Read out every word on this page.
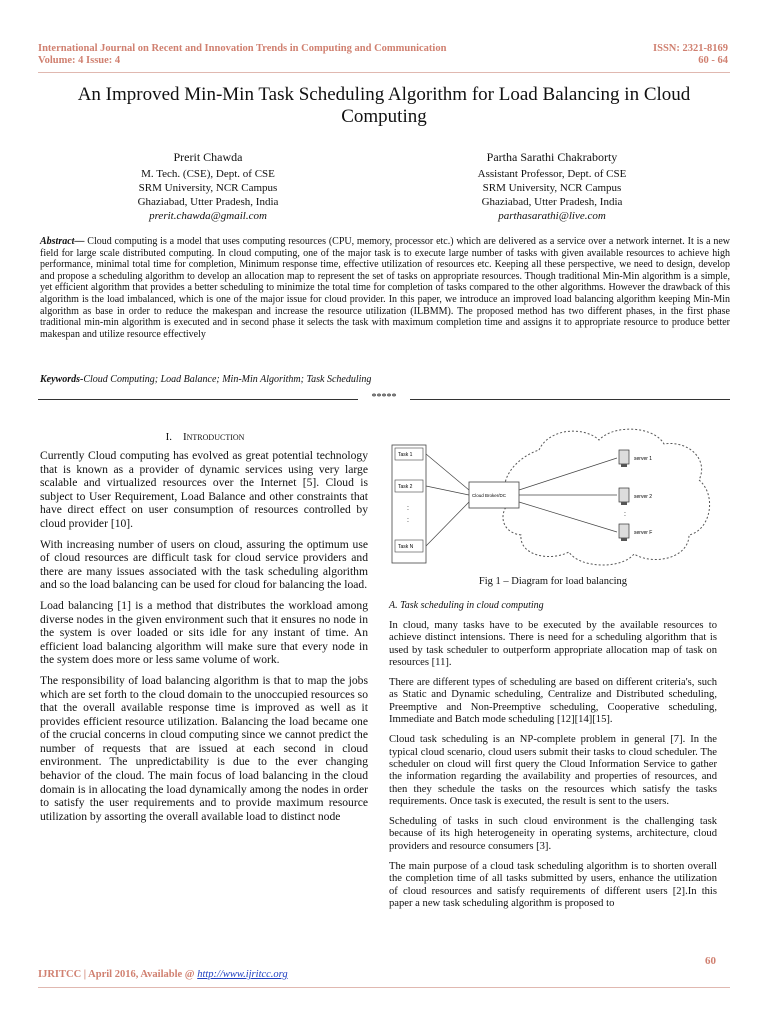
International Journal on Recent and Innovation Trends in Computing and Communication
Volume: 4 Issue: 4
ISSN: 2321-8169
60 - 64
An Improved Min-Min Task Scheduling Algorithm for Load Balancing in Cloud Computing
Prerit Chawda
M. Tech. (CSE), Dept. of CSE
SRM University, NCR Campus
Ghaziabad, Utter Pradesh, India
prerit.chawda@gmail.com
Partha Sarathi Chakraborty
Assistant Professor, Dept. of CSE
SRM University, NCR Campus
Ghaziabad, Utter Pradesh, India
parthasarathi@live.com
Abstract— Cloud computing is a model that uses computing resources (CPU, memory, processor etc.) which are delivered as a service over a network internet. It is a new field for large scale distributed computing. In cloud computing, one of the major task is to execute large number of tasks with given available resources to achieve high performance, minimal total time for completion, Minimum response time, effective utilization of resources etc. Keeping all these perspective, we need to design, develop and propose a scheduling algorithm to develop an allocation map to represent the set of tasks on appropriate resources. Though traditional Min-Min algorithm is a simple, yet efficient algorithm that provides a better scheduling to minimize the total time for completion of tasks compared to the other algorithms. However the drawback of this algorithm is the load imbalanced, which is one of the major issue for cloud provider. In this paper, we introduce an improved load balancing algorithm keeping Min-Min algorithm as base in order to reduce the makespan and increase the resource utilization (ILBMM). The proposed method has two different phases, in the first phase traditional min-min algorithm is executed and in second phase it selects the task with maximum completion time and assigns it to appropriate resource to produce better makespan and utilize resource effectively
Keywords-Cloud Computing; Load Balance; Min-Min Algorithm; Task Scheduling
*****
I. Introduction

Currently Cloud computing has evolved as great potential technology that is known as a provider of dynamic services using very large scalable and virtualized resources over the Internet [5]. Cloud is subject to User Requirement, Load Balance and other constraints that have direct effect on user consumption of resources controlled by cloud provider [10].

With increasing number of users on cloud, assuring the optimum use of cloud resources are difficult task for cloud service providers and there are many issues associated with the task scheduling algorithm and so the load balancing can be used for cloud for balancing the load.

Load balancing [1] is a method that distributes the workload among diverse nodes in the given environment such that it ensures no node in the system is over loaded or sits idle for any instant of time. An efficient load balancing algorithm will make sure that every node in the system does more or less same volume of work.

The responsibility of load balancing algorithm is that to map the jobs which are set forth to the cloud domain to the unoccupied resources so that the overall available response time is improved as well as it provides efficient resource utilization. Balancing the load became one of the crucial concerns in cloud computing since we cannot predict the number of requests that are issued at each second in cloud environment. The unpredictability is due to the ever changing behavior of the cloud. The main focus of load balancing in the cloud domain is in allocating the load dynamically among the nodes in order to satisfy the user requirements and to provide maximum resource utilization by assorting the overall available load to distinct node

Task 1
Task 2
:
:
Task N
Cloud Broker/DC
server 1
server 2
:
server F
Fig 1 – Diagram for load balancing
A. Task scheduling in cloud computing

In cloud, many tasks have to be executed by the available resources to achieve distinct intensions. There is need for a scheduling algorithm that is used by task scheduler to outperform appropriate allocation map of task on resources [11].

There are different types of scheduling are based on different criteria's, such as Static and Dynamic scheduling, Centralize and Distributed scheduling, Preemptive and Non-Preemptive scheduling, Cooperative scheduling, Immediate and Batch mode scheduling [12][14][15].

Cloud task scheduling is an NP-complete problem in general [7]. In the typical cloud scenario, cloud users submit their tasks to cloud scheduler. The scheduler on cloud will first query the Cloud Information Service to gather the information regarding the availability and properties of resources, and then they schedule the tasks on the resources which satisfy the tasks requirements. Once task is executed, the result is sent to the users.

Scheduling of tasks in such cloud environment is the challenging task because of its high heterogeneity in operating systems, architecture, cloud providers and resource consumers [3].

The main purpose of a cloud task scheduling algorithm is to shorten overall the completion time of all tasks submitted by users, enhance the utilization of cloud resources and satisfy requirements of different users [2].In this paper a new task scheduling algorithm is proposed to

60
IJRITCC | April 2016, Available @ http://www.ijritcc.org
